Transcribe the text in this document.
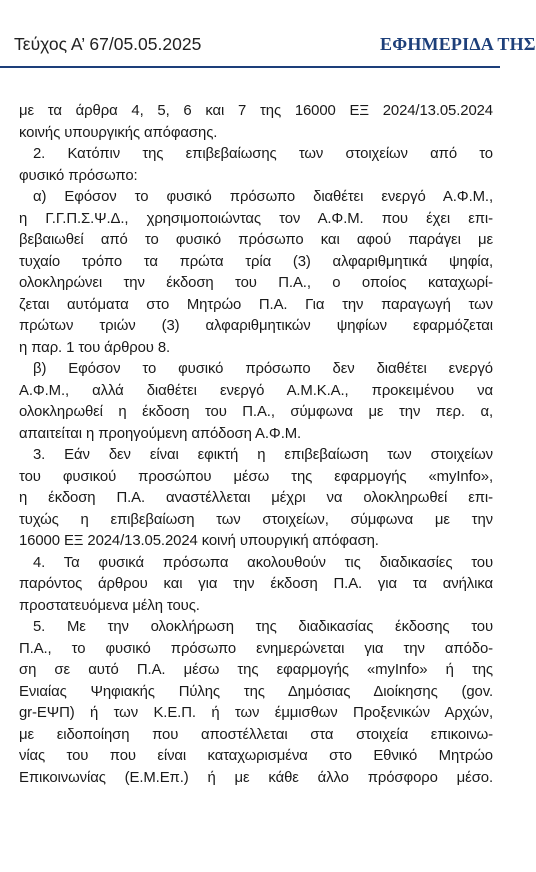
Τεύχος Α’ 67/05.05.2025	ΕΦΗΜΕΡΙΔΑ ΤΗΣ
με τα άρθρα 4, 5, 6 και 7 της 16000 ΕΞ 2024/13.05.2024
κοινής υπουργικής απόφασης.
2. Κατόπιν της επιβεβαίωσης των στοιχείων από το
φυσικό πρόσωπο:
α) Εφόσον το φυσικό πρόσωπο διαθέτει ενεργό Α.Φ.Μ.,
η Γ.Γ.Π.Σ.Ψ.Δ., χρησιμοποιώντας τον Α.Φ.Μ. που έχει επι-
βεβαιωθεί από το φυσικό πρόσωπο και αφού παράγει με
τυχαίο τρόπο τα πρώτα τρία (3) αλφαριθμητικά ψηφία,
ολοκληρώνει την έκδοση του Π.Α., ο οποίος καταχωρί-
ζεται αυτόματα στο Μητρώο Π.Α. Για την παραγωγή των
πρώτων τριών (3) αλφαριθμητικών ψηφίων εφαρμόζεται
η παρ. 1 του άρθρου 8.
β) Εφόσον το φυσικό πρόσωπο δεν διαθέτει ενεργό
Α.Φ.Μ., αλλά διαθέτει ενεργό Α.Μ.Κ.Α., προκειμένου να
ολοκληρωθεί η έκδοση του Π.Α., σύμφωνα με την περ. α,
απαιτείται η προηγούμενη απόδοση Α.Φ.Μ.
3. Εάν δεν είναι εφικτή η επιβεβαίωση των στοιχείων
του φυσικού προσώπου μέσω της εφαρμογής «myInfo»,
η έκδοση Π.Α. αναστέλλεται μέχρι να ολοκληρωθεί επι-
τυχώς η επιβεβαίωση των στοιχείων, σύμφωνα με την
16000 ΕΞ 2024/13.05.2024 κοινή υπουργική απόφαση.
4. Τα φυσικά πρόσωπα ακολουθούν τις διαδικασίες του
παρόντος άρθρου και για την έκδοση Π.Α. για τα ανήλικα
προστατευόμενα μέλη τους.
5. Με την ολοκλήρωση της διαδικασίας έκδοσης του
Π.Α., το φυσικό πρόσωπο ενημερώνεται για την απόδο-
ση σε αυτό Π.Α. μέσω της εφαρμογής «myInfo» ή της
Ενιαίας Ψηφιακής Πύλης της Δημόσιας Διοίκησης (gov.
gr-ΕΨΠ) ή των Κ.Ε.Π. ή των έμμισθων Προξενικών Αρχών,
με ειδοποίηση που αποστέλλεται στα στοιχεία επικοινω-
νίας του που είναι καταχωρισμένα στο Εθνικό Μητρώο
Επικοινωνίας (Ε.Μ.Επ.) ή με κάθε άλλο πρόσφορο μέσο.
